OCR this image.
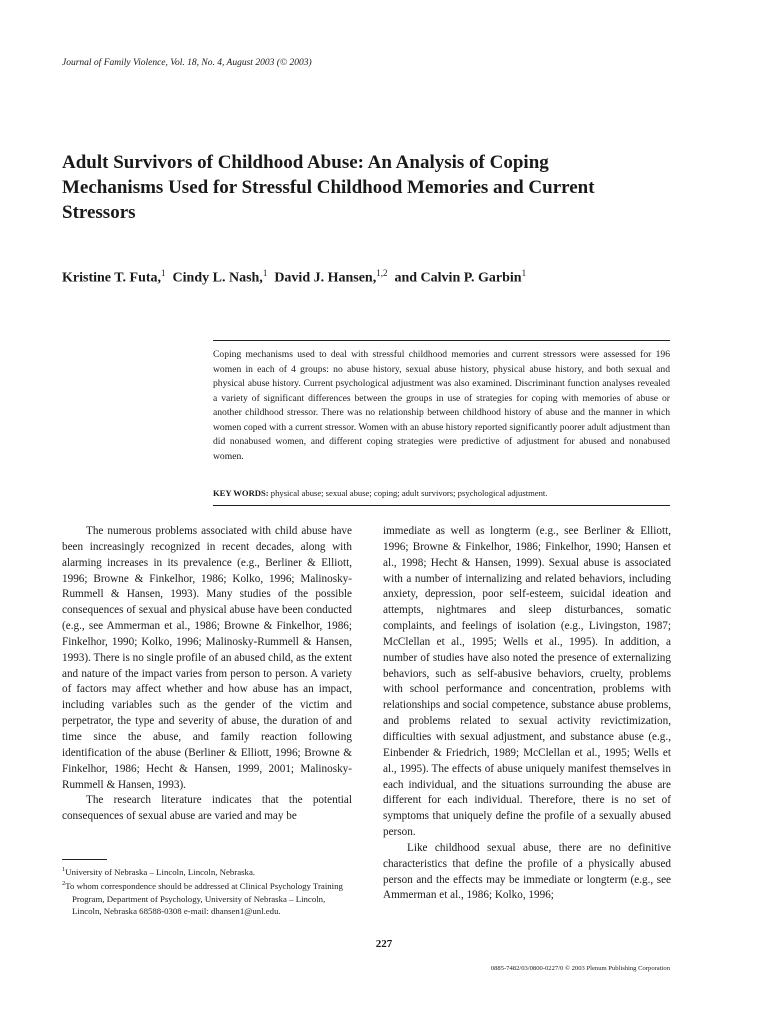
Journal of Family Violence, Vol. 18, No. 4, August 2003 (© 2003)
Adult Survivors of Childhood Abuse: An Analysis of Coping Mechanisms Used for Stressful Childhood Memories and Current Stressors
Kristine T. Futa,$^1$ Cindy L. Nash,$^1$ David J. Hansen,$^{1,2}$ and Calvin P. Garbin$^1$
Coping mechanisms used to deal with stressful childhood memories and current stressors were assessed for 196 women in each of 4 groups: no abuse history, sexual abuse history, physical abuse history, and both sexual and physical abuse history. Current psychological adjustment was also examined. Discriminant function analyses revealed a variety of significant differences between the groups in use of strategies for coping with memories of abuse or another childhood stressor. There was no relationship between childhood history of abuse and the manner in which women coped with a current stressor. Women with an abuse history reported significantly poorer adult adjustment than did nonabused women, and different coping strategies were predictive of adjustment for abused and nonabused women.
KEY WORDS: physical abuse; sexual abuse; coping; adult survivors; psychological adjustment.

The numerous problems associated with child abuse have been increasingly recognized in recent decades, along with alarming increases in its prevalence (e.g., Berliner & Elliott, 1996; Browne & Finkelhor, 1986; Kolko, 1996; Malinosky-Rummell & Hansen, 1993). Many studies of the possible consequences of sexual and physical abuse have been conducted (e.g., see Ammerman et al., 1986; Browne & Finkelhor, 1986; Finkelhor, 1990; Kolko, 1996; Malinosky-Rummell & Hansen, 1993). There is no single profile of an abused child, as the extent and nature of the impact varies from person to person. A variety of factors may affect whether and how abuse has an impact, including variables such as the gender of the victim and perpetrator, the type and severity of abuse, the duration of and time since the abuse, and family reaction following identification of the abuse (Berliner & Elliott, 1996; Browne & Finkelhor, 1986; Hecht & Hansen, 1999, 2001; Malinosky-Rummell & Hansen, 1993).

The research literature indicates that the potential consequences of sexual abuse are varied and may be

immediate as well as longterm (e.g., see Berliner & Elliott, 1996; Browne & Finkelhor, 1986; Finkelhor, 1990; Hansen et al., 1998; Hecht & Hansen, 1999). Sexual abuse is associated with a number of internalizing and related behaviors, including anxiety, depression, poor self-esteem, suicidal ideation and attempts, nightmares and sleep disturbances, somatic complaints, and feelings of isolation (e.g., Livingston, 1987; McClellan et al., 1995; Wells et al., 1995). In addition, a number of studies have also noted the presence of externalizing behaviors, such as self-abusive behaviors, cruelty, problems with school performance and concentration, problems with relationships and social competence, substance abuse problems, and problems related to sexual activity revictimization, difficulties with sexual adjustment, and substance abuse (e.g., Einbender & Friedrich, 1989; McClellan et al., 1995; Wells et al., 1995). The effects of abuse uniquely manifest themselves in each individual, and the situations surrounding the abuse are different for each individual. Therefore, there is no set of symptoms that uniquely define the profile of a sexually abused person.

Like childhood sexual abuse, there are no definitive characteristics that define the profile of a physically abused person and the effects may be immediate or longterm (e.g., see Ammerman et al., 1986; Kolko, 1996;

$^1$University of Nebraska – Lincoln, Lincoln, Nebraska.

$^2$To whom correspondence should be addressed at Clinical Psychology Training Program, Department of Psychology, University of Nebraska – Lincoln, Lincoln, Nebraska 68588-0308 e-mail: dhansen1@unl.edu.

227
0885-7482/03/0800-0227/0 © 2003 Plenum Publishing Corporation
